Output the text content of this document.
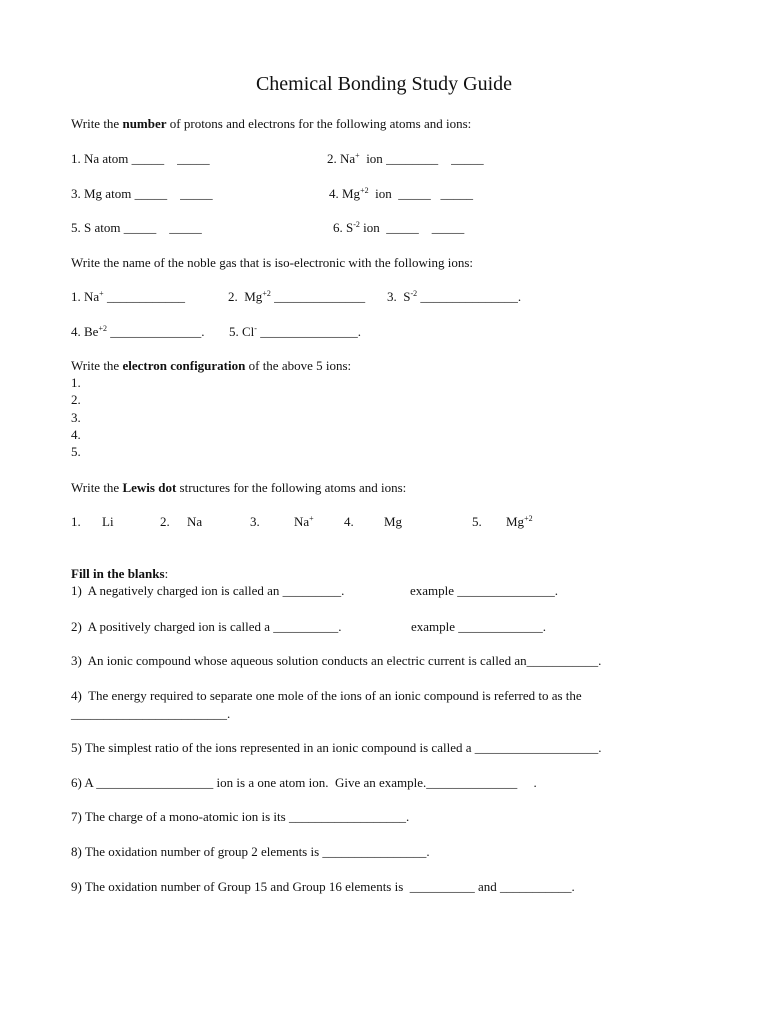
Chemical Bonding Study Guide
Write the number of protons and electrons for the following atoms and ions:
1. Na atom _____    _____	2. Na+  ion ________    _____
3. Mg atom _____    _____	4. $Mg^{+2}$  ion _____   _____
5. S atom _____    _____	6. $S^{-2}$ ion _____    _____
Write the name of the noble gas that is iso-electronic with the following ions:
1. Na+ ____________	2.  $Mg^{+2}$ ______________ 3.  $S^{-2}$ _______________.
4. $Be^{+2}$ ______________. 5. Cl- _______________.
Write the electron configuration of the above 5 ions:
1.
2.
3.
4.
5.
Write the Lewis dot structures for the following atoms and ions:
1. Li	2. Na	3.	Na+ 4. Mg	5. $Mg^{+2}$
Fill in the blanks:
1)  A negatively charged ion is called an _________.	example _______________.
2)  A positively charged ion is called a __________.	example _____________.
3)  An ionic compound whose aqueous solution conducts an electric current is called an___________.
4)  The energy required to separate one mole of the ions of an ionic compound is referred to as the
________________________.
5) The simplest ratio of the ions represented in an ionic compound is called a ___________________.
6) A __________________ ion is a one atom ion.  Give an example.______________     .
7) The charge of a mono-atomic ion is its __________________.
8) The oxidation number of group 2 elements is ________________.
9) The oxidation number of Group 15 and Group 16 elements is  __________ and ___________.
